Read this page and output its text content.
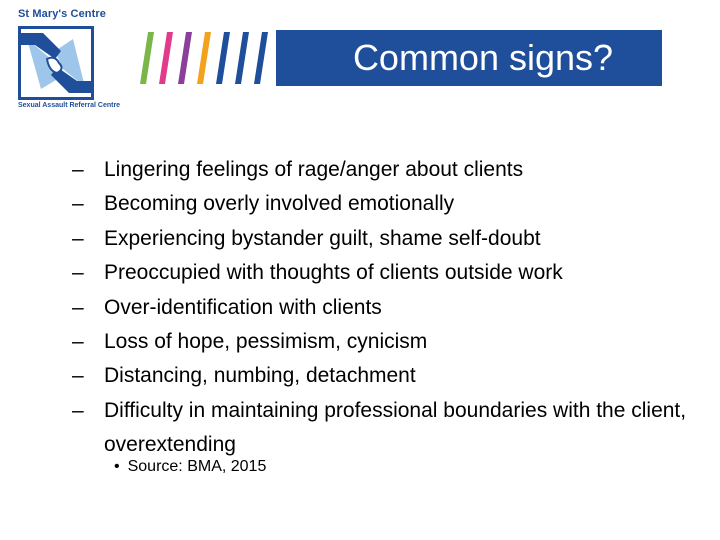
St Mary's Centre
Sexual Assault Referral Centre
Common signs?
– Lingering feelings of rage/anger about clients
– Becoming overly involved emotionally
– Experiencing bystander guilt, shame self-doubt
– Preoccupied with thoughts of clients outside work
– Over-identification with clients
– Loss of hope, pessimism, cynicism
– Distancing, numbing, detachment
– Difficulty in maintaining professional boundaries with the client, overextending
• Source: BMA, 2015
